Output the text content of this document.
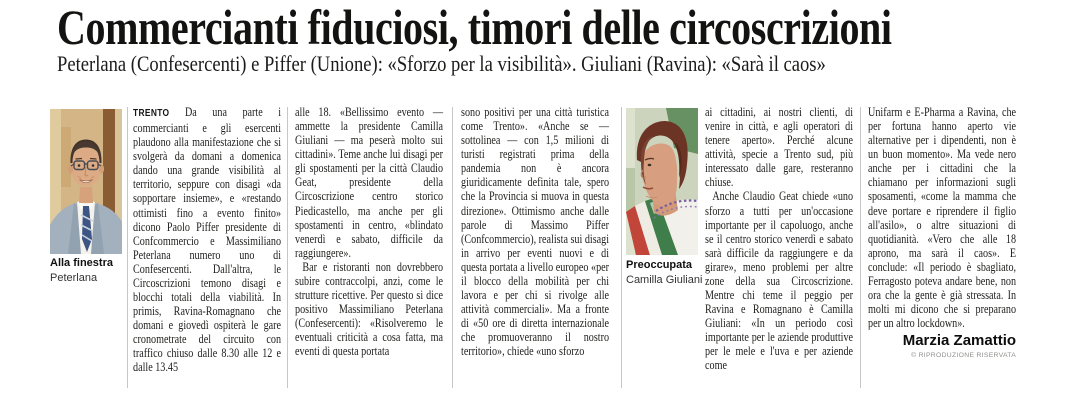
Commercianti fiduciosi, timori delle circoscrizioni
Peterlana (Confesercenti) e Piffer (Unione): «Sforzo per la visibilità». Giuliani (Ravina): «Sarà il caos»
Alla finestra
Peterlana
Preoccupata
Camilla Giuliani

TRENTO Da una parte i commercianti e gli esercenti plaudono alla manifestazione che si svolgerà da domani a domenica dando una grande visibilità al territorio, seppure con disagi «da sopportare insieme», e «restando ottimisti fino a evento finito» dicono Paolo Piffer presidente di Confcommercio e Massimiliano Peterlana numero uno di Confesercenti. Dall'altra, le Circoscrizioni temono disagi e blocchi totali della viabilità. In primis, Ravina-Romagnano che domani e giovedì ospiterà le gare cronometrate del circuito con traffico chiuso dalle 8.30 alle 12 e dalle 13.45

alle 18. «Bellissimo evento — ammette la presidente Camilla Giuliani — ma peserà molto sui cittadini». Teme anche lui disagi per gli spostamenti per la città Claudio Geat, presidente della Circoscrizione centro storico Piedicastello, ma anche per gli spostamenti in centro, «blindato venerdì e sabato, difficile da raggiungere».

Bar e ristoranti non dovrebbero subire contraccolpi, anzi, come le strutture ricettive. Per questo si dice positivo Massimiliano Peterlana (Confesercenti): «Risolveremo le eventuali criticità a cosa fatta, ma eventi di questa portata

sono positivi per una città turistica come Trento». «Anche se — sottolinea — con 1,5 milioni di turisti registrati prima della pandemia non è ancora giuridicamente definita tale, spero che la Provincia si muova in questa direzione». Ottimismo anche dalle parole di Massimo Piffer (Confcommercio), realista sui disagi in arrivo per eventi nuovi e di questa portata a livello europeo «per il blocco della mobilità per chi lavora e per chi si rivolge alle attività commerciali». Ma a fronte di «50 ore di diretta internazionale che promuoveranno il nostro territorio», chiede «uno sforzo

ai cittadini, ai nostri clienti, di venire in città, e agli operatori di tenere aperto». Perché alcune attività, specie a Trento sud, più interessato dalle gare, resteranno chiuse.

Anche Claudio Geat chiede «uno sforzo a tutti per un'occasione importante per il capoluogo, anche se il centro storico venerdì e sabato sarà difficile da raggiungere e da girare», meno problemi per altre zone della sua Circoscrizione. Mentre chi teme il peggio per Ravina e Romagnano è Camilla Giuliani: «In un periodo così importante per le aziende produttive per le mele e l'uva e per aziende come

Unifarm e E-Pharma a Ravina, che per fortuna hanno aperto vie alternative per i dipendenti, non è un buon momento». Ma vede nero anche per i cittadini che la chiamano per informazioni sugli sposamenti, «come la mamma che deve portare e riprendere il figlio all'asilo», o altre situazioni di quotidianità. «Vero che alle 18 aprono, ma sarà il caos». E conclude: «Il periodo è sbagliato, Ferragosto poteva andare bene, non ora che la gente è già stressata. In molti mi dicono che si preparano per un altro lockdown».

Marzia Zamattio
© RIPRODUZIONE RISERVATA
